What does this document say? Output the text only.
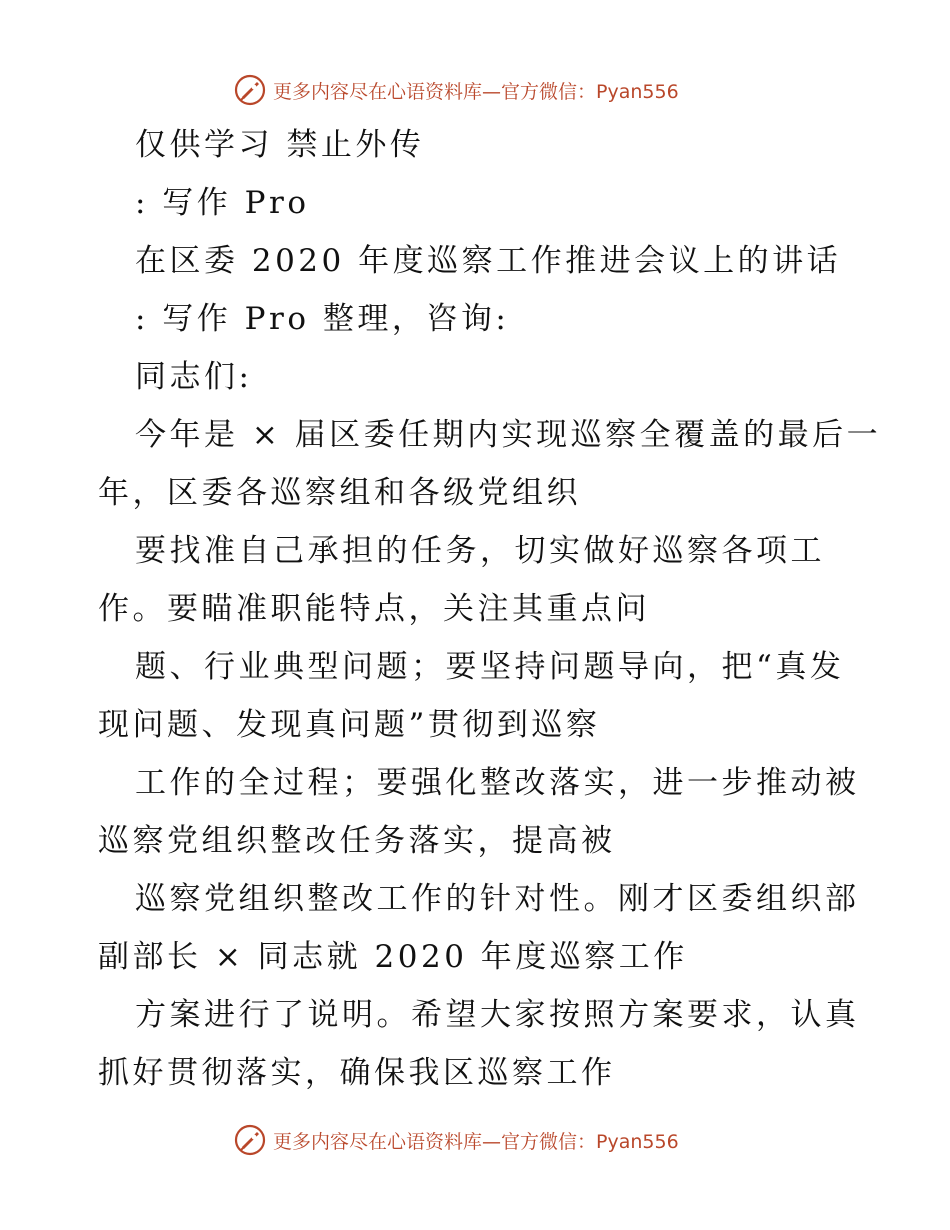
更多内容尽在心语资料库—官方微信：Pyan556
仅供学习 禁止外传
: 写作 Pro
在区委 2020 年度巡察工作推进会议上的讲话
: 写作 Pro 整理，咨询:
同志们:
今年是 × 届区委任期内实现巡察全覆盖的最后一
年，区委各巡察组和各级党组织
要找准自己承担的任务，切实做好巡察各项工
作。要瞄准职能特点，关注其重点问
题、行业典型问题；要坚持问题导向，把“真发
现问题、发现真问题”贯彻到巡察
工作的全过程；要强化整改落实，进一步推动被
巡察党组织整改任务落实，提高被
巡察党组织整改工作的针对性。刚才区委组织部
副部长 × 同志就 2020 年度巡察工作
方案进行了说明。希望大家按照方案要求，认真
抓好贯彻落实，确保我区巡察工作
更多内容尽在心语资料库—官方微信：Pyan556
